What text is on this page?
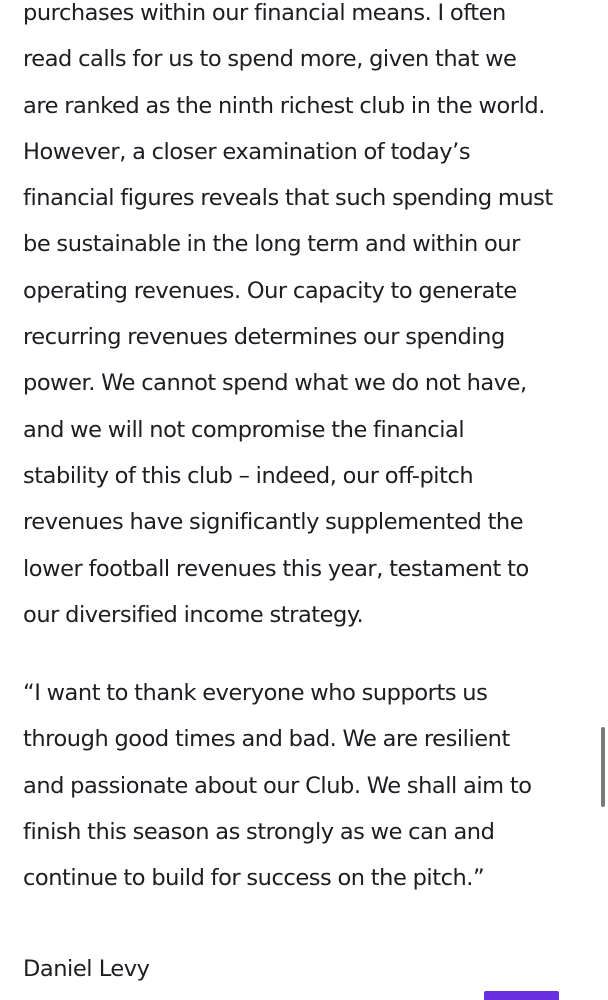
purchases within our financial means. I often
read calls for us to spend more, given that we
are ranked as the ninth richest club in the world.
However, a closer examination of today’s
financial figures reveals that such spending must
be sustainable in the long term and within our
operating revenues. Our capacity to generate
recurring revenues determines our spending
power. We cannot spend what we do not have,
and we will not compromise the financial
stability of this club – indeed, our off-pitch
revenues have significantly supplemented the
lower football revenues this year, testament to
our diversified income strategy.

“I want to thank everyone who supports us
through good times and bad. We are resilient
and passionate about our Club. We shall aim to
finish this season as strongly as we can and
continue to build for success on the pitch.”

Daniel Levy
